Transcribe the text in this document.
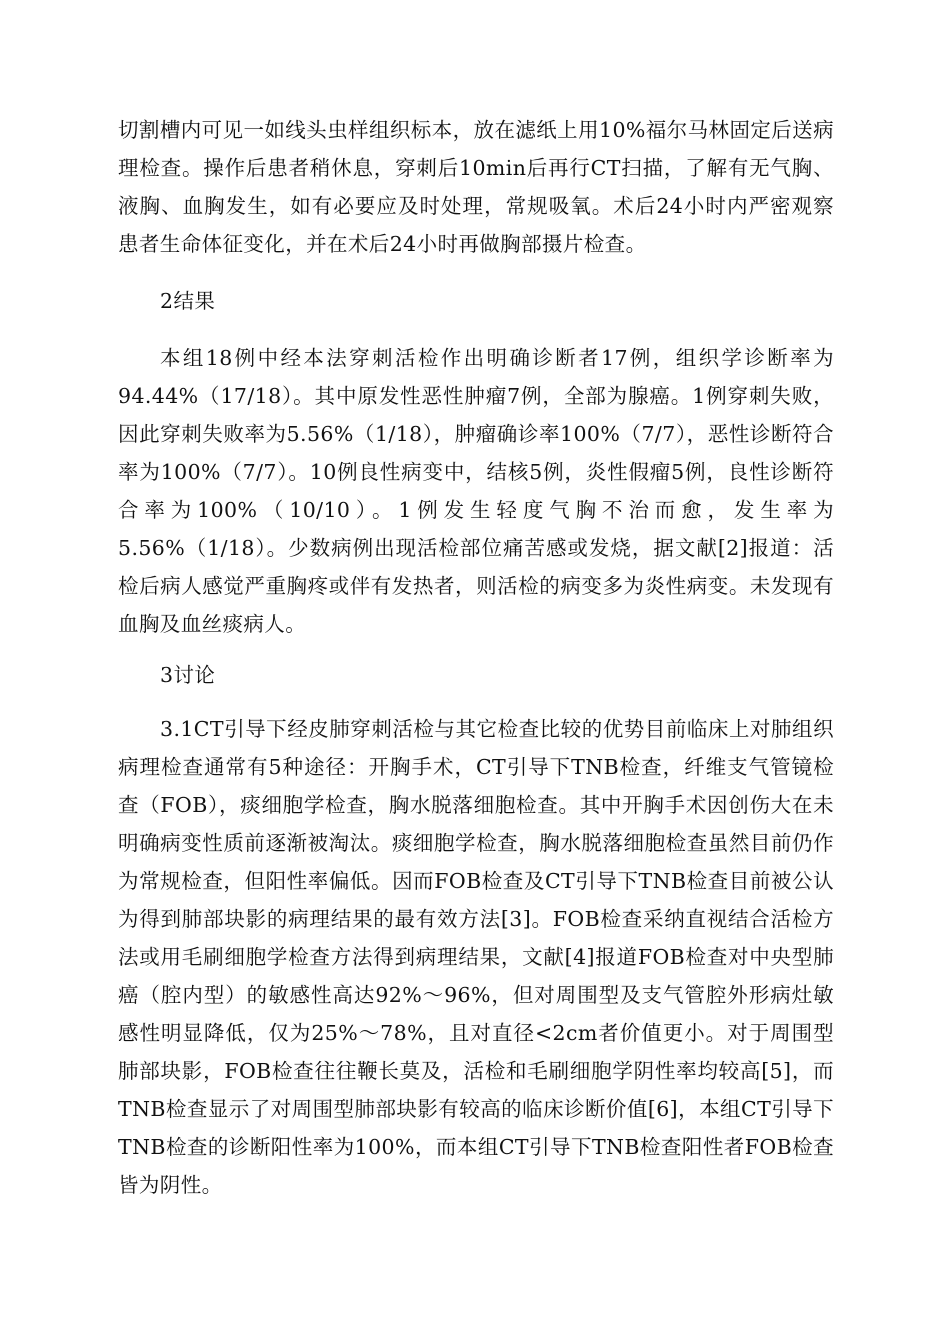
切割槽内可见一如线头虫样组织标本，放在滤纸上用10%福尔马林固定后送病理检查。操作后患者稍休息，穿刺后10min后再行CT扫描，了解有无气胸、液胸、血胸发生，如有必要应及时处理，常规吸氧。术后24小时内严密观察患者生命体征变化，并在术后24小时再做胸部摄片检查。

2结果

本组18例中经本法穿刺活检作出明确诊断者17例，组织学诊断率为94.44%（17/18）。其中原发性恶性肿瘤7例，全部为腺癌。1例穿刺失败，因此穿刺失败率为5.56%（1/18），肿瘤确诊率100%（7/7），恶性诊断符合率为100%（7/7）。10例良性病变中，结核5例，炎性假瘤5例，良性诊断符合率为100%（10/10）。1例发生轻度气胸不治而愈，发生率为5.56%（1/18）。少数病例出现活检部位痛苦感或发烧，据文献[2]报道：活检后病人感觉严重胸疼或伴有发热者，则活检的病变多为炎性病变。未发现有血胸及血丝痰病人。

3讨论

3.1CT引导下经皮肺穿刺活检与其它检查比较的优势目前临床上对肺组织病理检查通常有5种途径：开胸手术，CT引导下TNB检查，纤维支气管镜检查（FOB），痰细胞学检查，胸水脱落细胞检查。其中开胸手术因创伤大在未明确病变性质前逐渐被淘汰。痰细胞学检查，胸水脱落细胞检查虽然目前仍作为常规检查，但阳性率偏低。因而FOB检查及CT引导下TNB检查目前被公认为得到肺部块影的病理结果的最有效方法[3]。FOB检查采纳直视结合活检方法或用毛刷细胞学检查方法得到病理结果，文献[4]报道FOB检查对中央型肺癌（腔内型）的敏感性高达92%～96%，但对周围型及支气管腔外形病灶敏感性明显降低，仅为25%～78%，且对直径<2cm者价值更小。对于周围型肺部块影，FOB检查往往鞭长莫及，活检和毛刷细胞学阴性率均较高[5]，而TNB检查显示了对周围型肺部块影有较高的临床诊断价值[6]，本组CT引导下TNB检查的诊断阳性率为100%，而本组CT引导下TNB检查阳性者FOB检查皆为阴性。
